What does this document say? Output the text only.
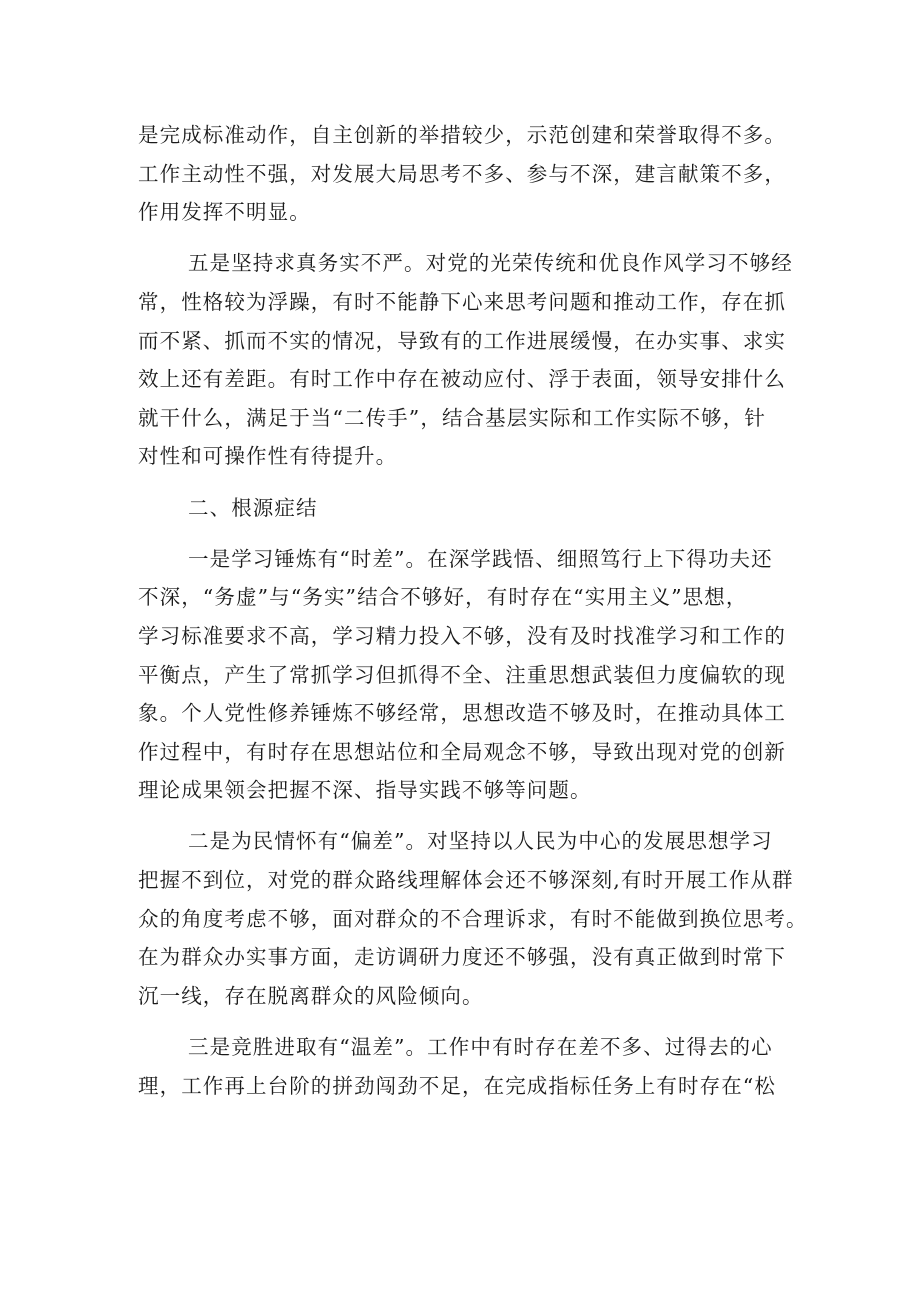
是完成标准动作，自主创新的举措较少，示范创建和荣誉取得不多。
工作主动性不强，对发展大局思考不多、参与不深，建言献策不多，
作用发挥不明显。
五是坚持求真务实不严。对党的光荣传统和优良作风学习不够经
常，性格较为浮躁，有时不能静下心来思考问题和推动工作，存在抓
而不紧、抓而不实的情况，导致有的工作进展缓慢，在办实事、求实
效上还有差距。有时工作中存在被动应付、浮于表面，领导安排什么
就干什么，满足于当“二传手”，结合基层实际和工作实际不够，针
对性和可操作性有待提升。
二、根源症结
一是学习锤炼有“时差”。在深学践悟、细照笃行上下得功夫还
不深，“务虚”与“务实”结合不够好，有时存在“实用主义”思想，
学习标准要求不高，学习精力投入不够，没有及时找准学习和工作的
平衡点，产生了常抓学习但抓得不全、注重思想武装但力度偏软的现
象。个人党性修养锤炼不够经常，思想改造不够及时，在推动具体工
作过程中，有时存在思想站位和全局观念不够，导致出现对党的创新
理论成果领会把握不深、指导实践不够等问题。
二是为民情怀有“偏差”。对坚持以人民为中心的发展思想学习
把握不到位，对党的群众路线理解体会还不够深刻,有时开展工作从群
众的角度考虑不够，面对群众的不合理诉求，有时不能做到换位思考。
在为群众办实事方面，走访调研力度还不够强，没有真正做到时常下
沉一线，存在脱离群众的风险倾向。
三是竞胜进取有“温差”。工作中有时存在差不多、过得去的心
理，工作再上台阶的拼劲闯劲不足，在完成指标任务上有时存在“松
